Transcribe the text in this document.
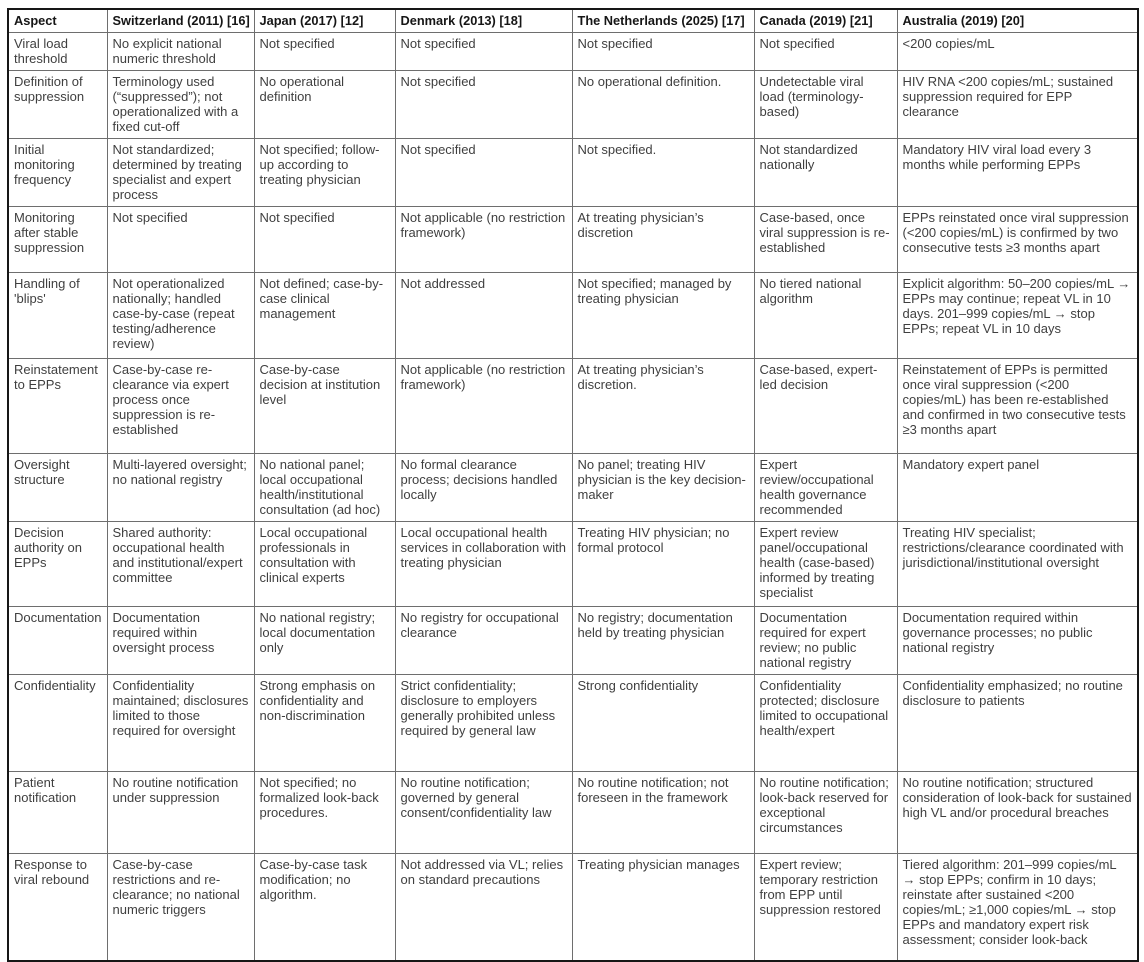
Aspect	Switzerland (2011) [16]	Japan (2017) [12]	Denmark (2013) [18]	The Netherlands (2025) [17]	Canada (2019) [21]	Australia (2019) [20]
Viral load threshold	No explicit national numeric threshold	Not specified	Not specified	Not specified	Not specified	<200 copies/mL
Definition of suppression	Terminology used (“suppressed”); not operationalized with a fixed cut-off	No operational definition	Not specified	No operational definition.	Undetectable viral load (terminology-based)	HIV RNA <200 copies/mL; sustained suppression required for EPP clearance
Initial monitoring frequency	Not standardized; determined by treating specialist and expert process	Not specified; follow-up according to treating physician	Not specified	Not specified.	Not standardized nationally	Mandatory HIV viral load every 3 months while performing EPPs
Monitoring after stable suppression	Not specified	Not specified	Not applicable (no restriction framework)	At treating physician’s discretion	Case-based, once viral suppression is re-established	EPPs reinstated once viral suppression (<200 copies/mL) is confirmed by two consecutive tests ≥3 months apart
Handling of 'blips'	Not operationalized nationally; handled case-by-case (repeat testing/adherence review)	Not defined; case-by-case clinical management	Not addressed	Not specified; managed by treating physician	No tiered national algorithm	Explicit algorithm: 50–200 copies/mL → EPPs may continue; repeat VL in 10 days. 201–999 copies/mL → stop EPPs; repeat VL in 10 days
Reinstatement to EPPs	Case-by-case re-clearance via expert process once suppression is re-established	Case-by-case decision at institution level	Not applicable (no restriction framework)	At treating physician’s discretion.	Case-based, expert-led decision	Reinstatement of EPPs is permitted once viral suppression (<200 copies/mL) has been re-established and confirmed in two consecutive tests ≥3 months apart
Oversight structure	Multi-layered oversight; no national registry	No national panel; local occupational health/institutional consultation (ad hoc)	No formal clearance process; decisions handled locally	No panel; treating HIV physician is the key decision-maker	Expert review/occupational health governance recommended	Mandatory expert panel
Decision authority on EPPs	Shared authority: occupational health and institutional/expert committee	Local occupational professionals in consultation with clinical experts	Local occupational health services in collaboration with treating physician	Treating HIV physician; no formal protocol	Expert review panel/occupational health (case-based) informed by treating specialist	Treating HIV specialist; restrictions/clearance coordinated with jurisdictional/institutional oversight
Documentation	Documentation required within oversight process	No national registry; local documentation only	No registry for occupational clearance	No registry; documentation held by treating physician	Documentation required for expert review; no public national registry	Documentation required within governance processes; no public national registry
Confidentiality	Confidentiality maintained; disclosures limited to those required for oversight	Strong emphasis on confidentiality and non-discrimination	Strict confidentiality; disclosure to employers generally prohibited unless required by general law	Strong confidentiality	Confidentiality protected; disclosure limited to occupational health/expert	Confidentiality emphasized; no routine disclosure to patients
Patient notification	No routine notification under suppression	Not specified; no formalized look-back procedures.	No routine notification; governed by general consent/confidentiality law	No routine notification; not foreseen in the framework	No routine notification; look-back reserved for exceptional circumstances	No routine notification; structured consideration of look-back for sustained high VL and/or procedural breaches
Response to viral rebound	Case-by-case restrictions and re-clearance; no national numeric triggers	Case-by-case task modification; no algorithm.	Not addressed via VL; relies on standard precautions	Treating physician manages	Expert review; temporary restriction from EPP until suppression restored	Tiered algorithm: 201–999 copies/mL → stop EPPs; confirm in 10 days; reinstate after sustained <200 copies/mL; ≥1,000 copies/mL → stop EPPs and mandatory expert risk assessment; consider look-back
